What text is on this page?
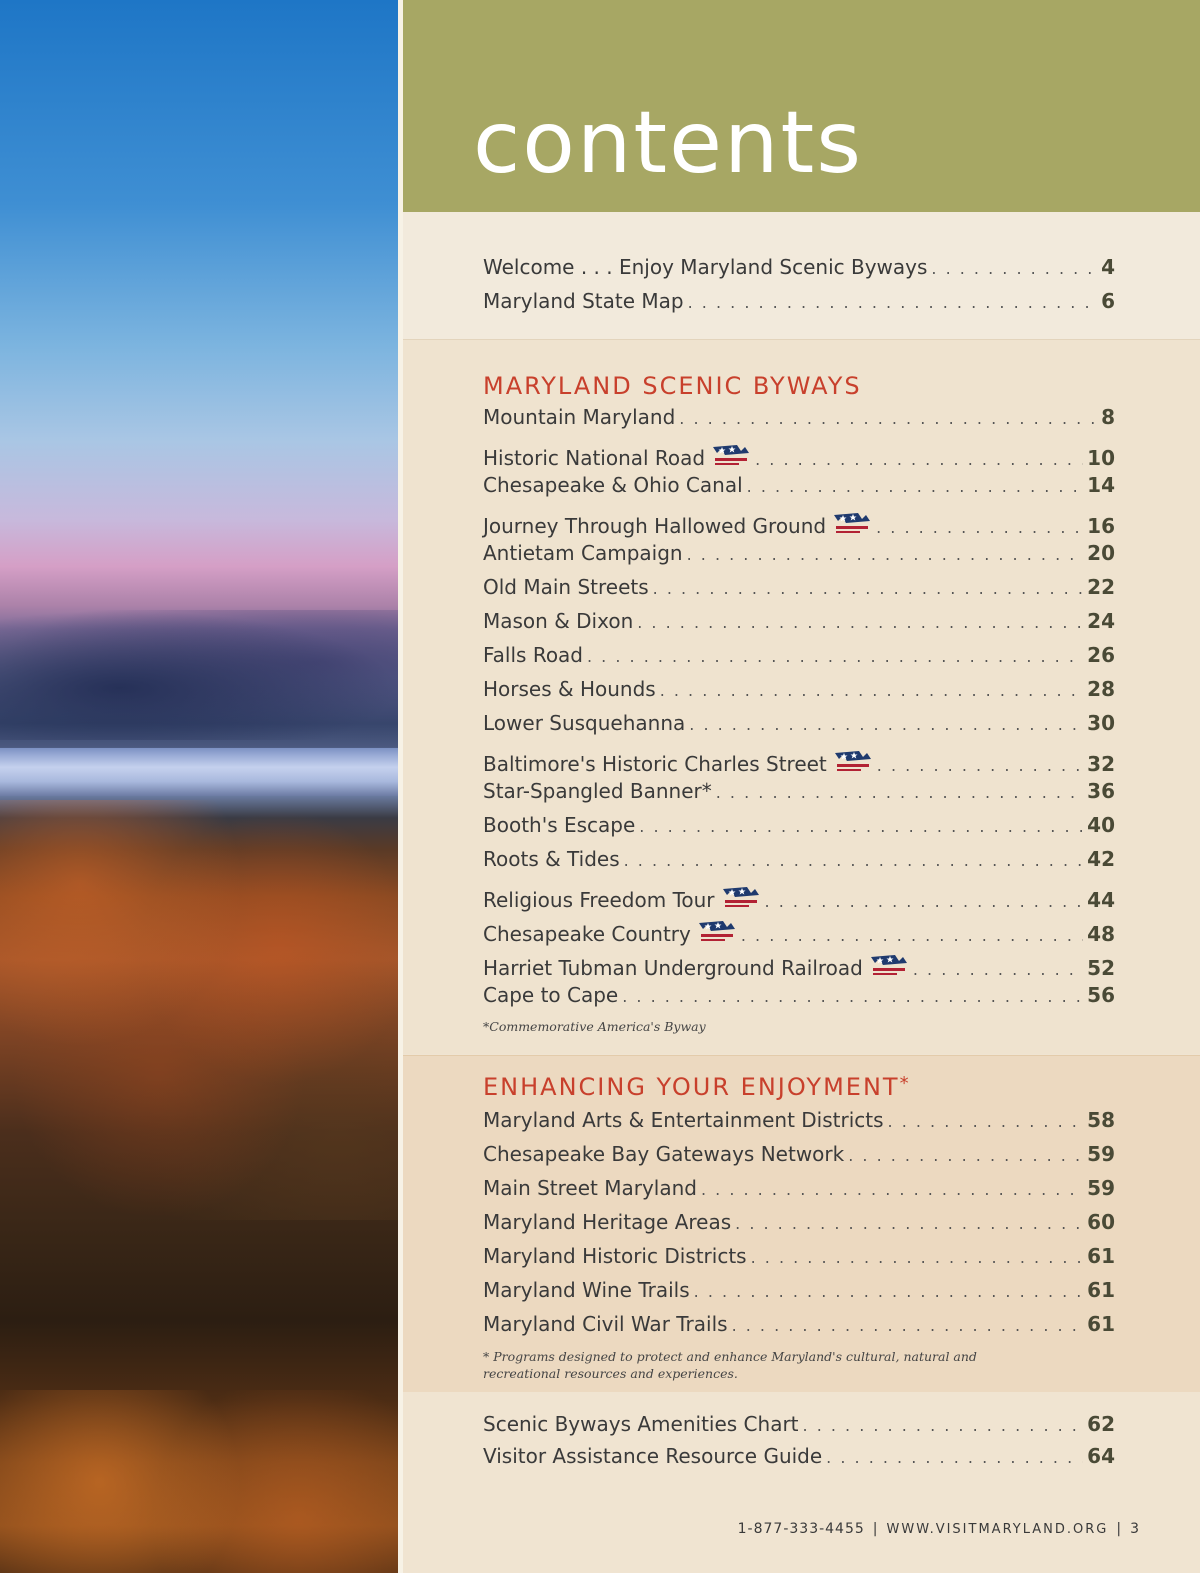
contents
Welcome . . . Enjoy Maryland Scenic Byways . . .	4
Maryland State Map . . .	6
MARYLAND SCENIC BYWAYS
Mountain Maryland . . .	8
Historic National Road . . .	10
Chesapeake & Ohio Canal . . .	14
Journey Through Hallowed Ground . . .	16
Antietam Campaign . . .	20
Old Main Streets . . .	22
Mason & Dixon . . .	24
Falls Road . . .	26
Horses & Hounds . . .	28
Lower Susquehanna . . .	30
Baltimore's Historic Charles Street . . .	32
Star-Spangled Banner* . . .	36
Booth's Escape . . .	40
Roots & Tides . . .	42
Religious Freedom Tour . . .	44
Chesapeake Country . . .	48
Harriet Tubman Underground Railroad . . .	52
Cape to Cape . . .	56
*Commemorative America's Byway
ENHANCING YOUR ENJOYMENT*
Maryland Arts & Entertainment Districts . . .	58
Chesapeake Bay Gateways Network . . .	59
Main Street Maryland . . .	59
Maryland Heritage Areas . . .	60
Maryland Historic Districts . . .	61
Maryland Wine Trails . . .	61
Maryland Civil War Trails . . .	61
* Programs designed to protect and enhance Maryland's cultural, natural and recreational resources and experiences.
Scenic Byways Amenities Chart . . .	62
Visitor Assistance Resource Guide . . .	64
1-877-333-4455 | WWW.VISITMARYLAND.ORG | 3
